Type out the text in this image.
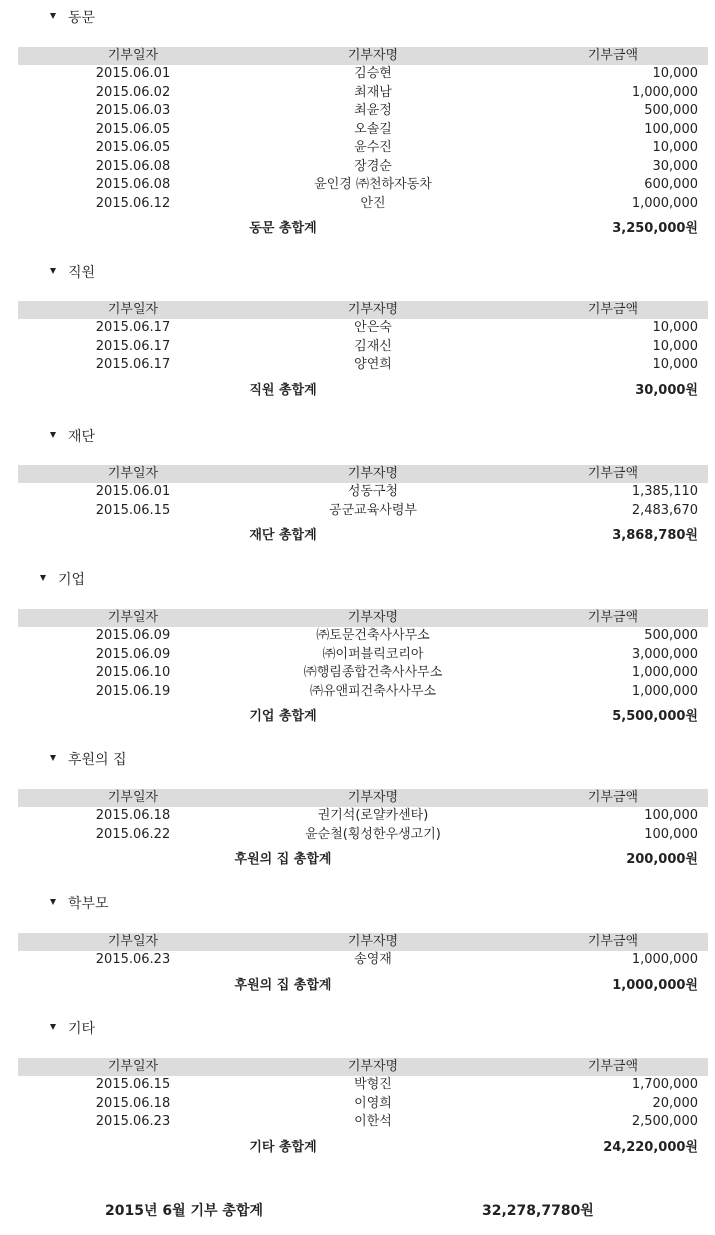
동문
기부일자	기부자명	기부금액
2015.06.01	김승현	10,000
2015.06.02	최재남	1,000,000
2015.06.03	최윤정	500,000
2015.06.05	오솔길	100,000
2015.06.05	윤수진	10,000
2015.06.08	장경순	30,000
2015.06.08	윤인경 ㈜천하자동차	600,000
2015.06.12	안진	1,000,000
동문 총합계	3,250,000원
직원
기부일자	기부자명	기부금액
2015.06.17	안은숙	10,000
2015.06.17	김재신	10,000
2015.06.17	양연희	10,000
직원 총합계	30,000원
재단
기부일자	기부자명	기부금액
2015.06.01	성동구청	1,385,110
2015.06.15	공군교육사령부	2,483,670
재단 총합계	3,868,780원
기업
기부일자	기부자명	기부금액
2015.06.09	㈜토문건축사사무소	500,000
2015.06.09	㈜이퍼블릭코리아	3,000,000
2015.06.10	㈜행림종합건축사사무소	1,000,000
2015.06.19	㈜유앤피건축사사무소	1,000,000
기업 총합계	5,500,000원
후원의 집
기부일자	기부자명	기부금액
2015.06.18	권기석(로얄카센타)	100,000
2015.06.22	윤순철(횡성한우생고기)	100,000
후원의 집 총합계	200,000원
학부모
기부일자	기부자명	기부금액
2015.06.23	송영재	1,000,000
후원의 집 총합계	1,000,000원
기타
기부일자	기부자명	기부금액
2015.06.15	박형진	1,700,000
2015.06.18	이영희	20,000
2015.06.23	이한석	2,500,000
기타 총합계	24,220,000원
2015년 6월 기부 총합계	32,278,7780원
